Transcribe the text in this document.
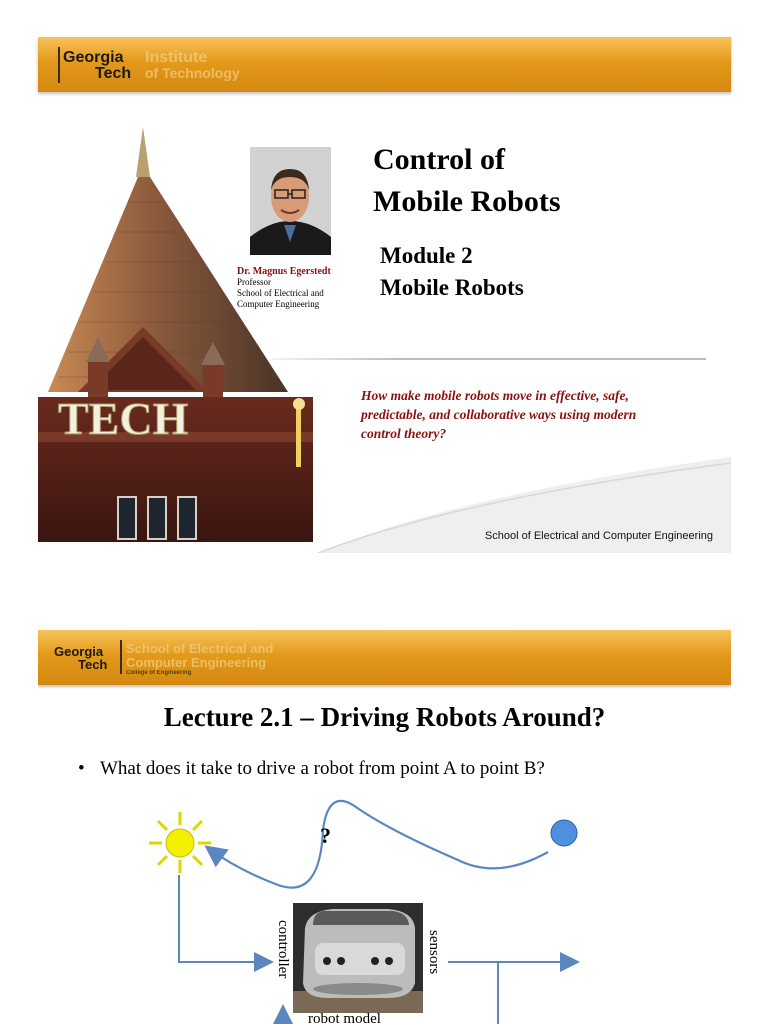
Georgia
Tech
Institute
of Technology
TECH
Control of
Mobile Robots
Module 2
Mobile Robots
Dr. Magnus Egerstedt
Professor
School of Electrical and
Computer Engineering
How make mobile robots move in effective, safe,
predictable, and collaborative ways using modern
control theory?
School of Electrical and Computer Engineering
Georgia
Tech
School of Electrical and
Computer Engineering
College of Engineering
Lecture 2.1 – Driving Robots Around?
• What does it take to drive a robot from point A to point B?
?
controller	sensors
robot model
